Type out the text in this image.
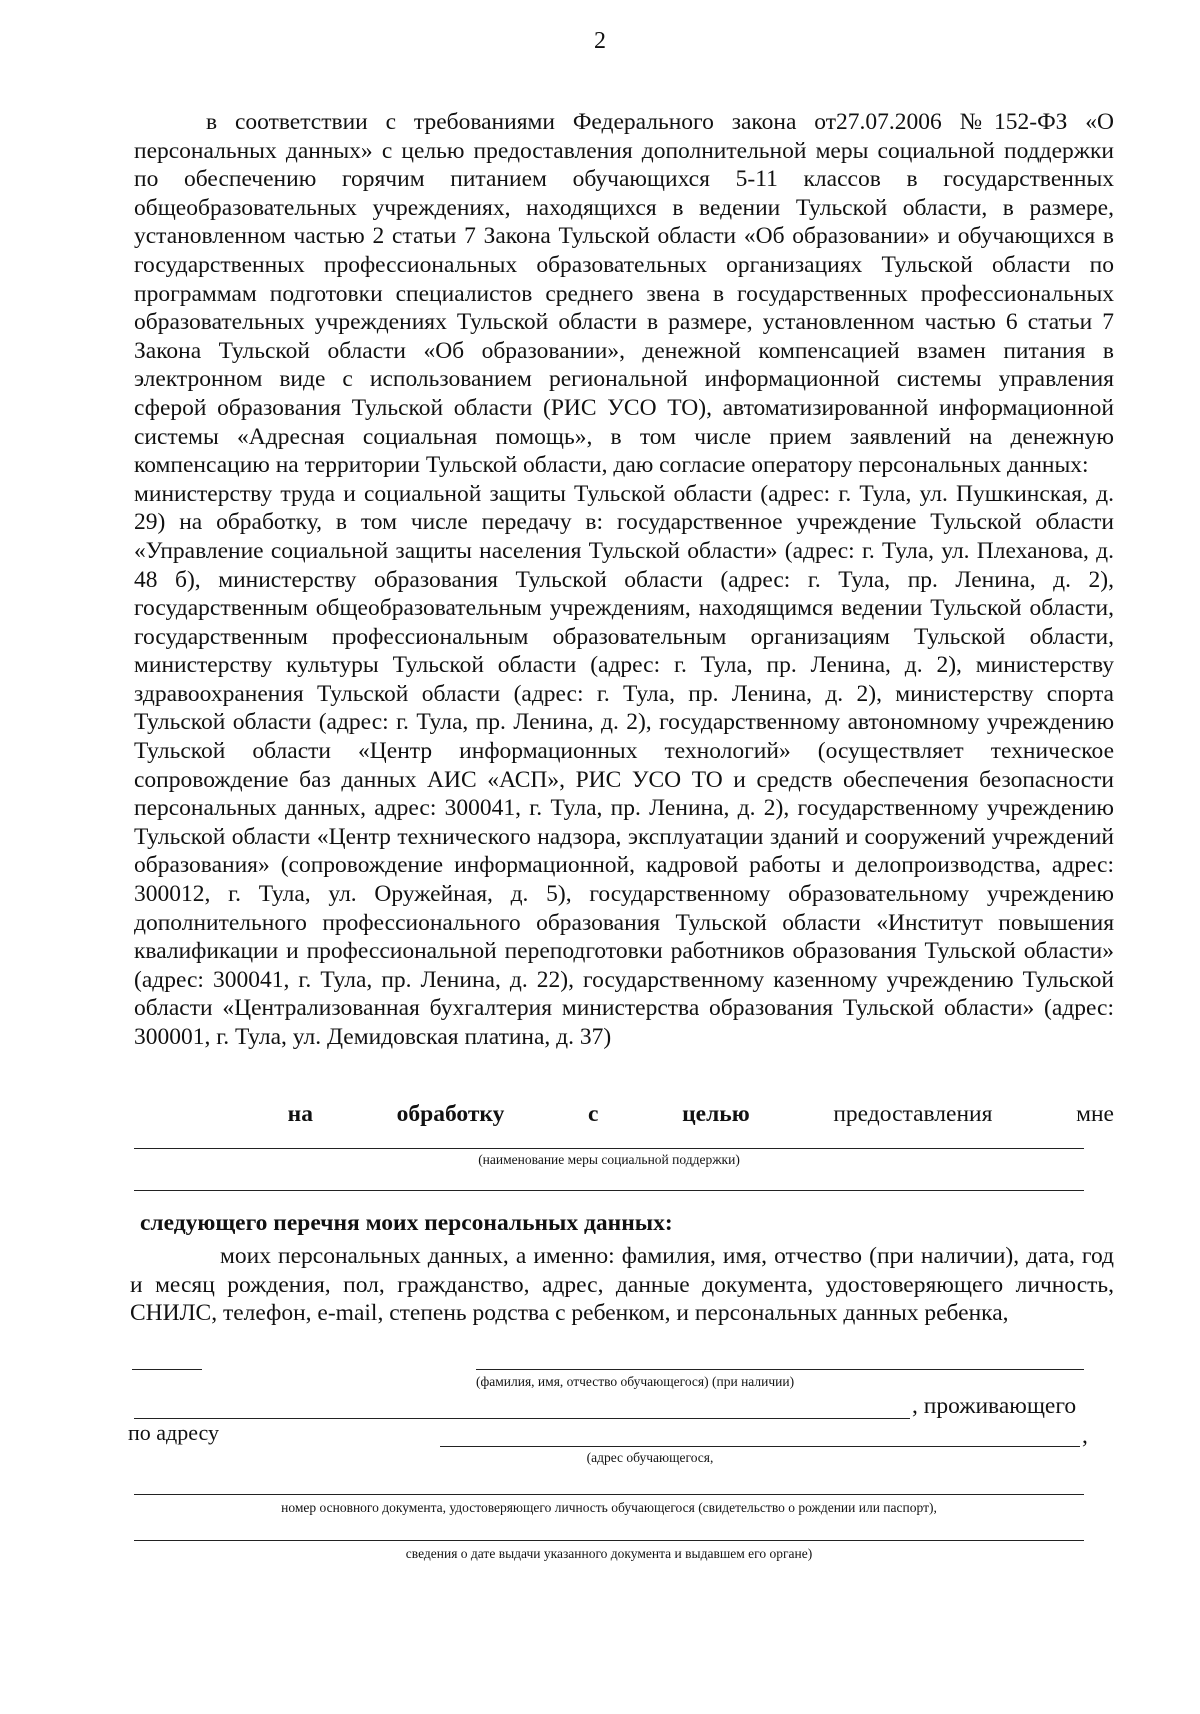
2

в соответствии с требованиями Федерального закона от27.07.2006 №152-ФЗ «О персональных данных» с целью предоставления дополнительной меры социальной поддержки по обеспечению горячим питанием обучающихся 5-11 классов в государственных общеобразовательных учреждениях, находящихся в ведении Тульской области, в размере, установленном частью 2 статьи 7 Закона Тульской области «Об образовании» и обучающихся в государственных профессиональных образовательных организациях Тульской области по программам подготовки специалистов среднего звена в государственных профессиональных образовательных учреждениях Тульской области в размере, установленном частью 6 статьи 7 Закона Тульской области «Об образовании», денежной компенсацией взамен питания в электронном виде с использованием региональной информационной системы управления сферой образования Тульской области (РИС УСО ТО), автоматизированной информационной системы «Адресная социальная помощь», в том числе прием заявлений на денежную компенсацию на территории Тульской области, даю согласие оператору персональных данных:

министерству труда и социальной защиты Тульской области (адрес: г. Тула, ул. Пушкинская, д. 29) на обработку, в том числе передачу в: государственное учреждение Тульской области «Управление социальной защиты населения Тульской области» (адрес: г. Тула, ул. Плеханова, д. 48 б), министерству образования Тульской области (адрес: г. Тула, пр. Ленина, д. 2), государственным общеобразовательным учреждениям, находящимся ведении Тульской области, государственным профессиональным образовательным организациям Тульской области, министерству культуры Тульской области (адрес: г. Тула, пр. Ленина, д. 2), министерству здравоохранения Тульской области (адрес: г. Тула, пр. Ленина, д. 2), министерству спорта Тульской области (адрес: г. Тула, пр. Ленина, д. 2), государственному автономному учреждению Тульской области «Центр информационных технологий» (осуществляет техническое сопровождение баз данных АИС «АСП», РИС УСО ТО и средств обеспечения безопасности персональных данных, адрес: 300041, г. Тула, пр. Ленина, д. 2), государственному учреждению Тульской области «Центр технического надзора, эксплуатации зданий и сооружений учреждений образования» (сопровождение информационной, кадровой работы и делопроизводства, адрес: 300012, г. Тула, ул. Оружейная, д. 5), государственному образовательному учреждению дополнительного профессионального образования Тульской области «Институт повышения квалификации и профессиональной переподготовки работников образования Тульской области» (адрес: 300041, г. Тула, пр. Ленина, д. 22), государственному казенному учреждению Тульской области «Централизованная бухгалтерия министерства образования Тульской области» (адрес: 300001, г. Тула, ул. Демидовская платина, д. 37)

на	обработку	с	целью	предоставления	мне
(наименование меры социальной поддержки)
следующего перечня моих персональных данных:

моих персональных данных, а именно: фамилия, имя, отчество (при наличии), дата, год и месяц рождения, пол, гражданство, адрес, данные документа, удостоверяющего личность, СНИЛС, телефон, e-mail, степень родства с ребенком, и персональных данных ребенка,

(фамилия, имя, отчество обучающегося) (при наличии)
, проживающего
по адресу	,
(адрес обучающегося,
номер основного документа, удостоверяющего личность обучающегося (свидетельство о рождении или паспорт),
сведения о дате выдачи указанного документа и выдавшем его органе)
